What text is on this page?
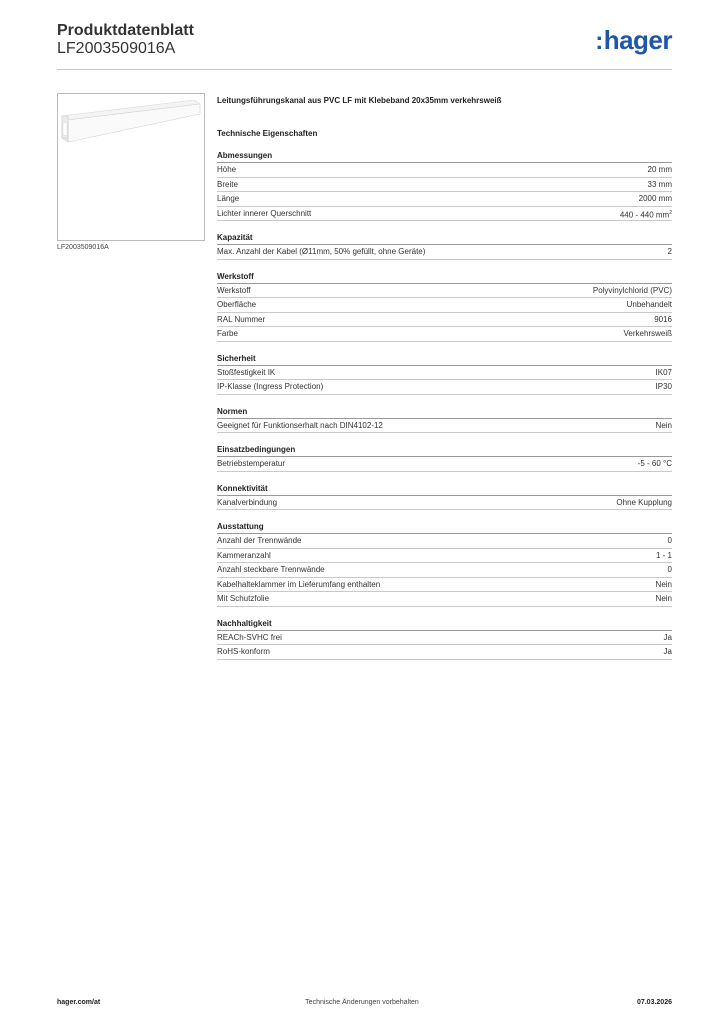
Produktdatenblatt
LF2003509016A	:hager
LF2003509016A
Leitungsführungskanal aus PVC LF mit Klebeband 20x35mm verkehrsweiß
Technische Eigenschaften
Abmessungen
Höhe	20 mm
Breite	33 mm
Länge	2000 mm
Lichter innerer Querschnitt	440 - 440 $mm^2$
Kapazität
Max. Anzahl der Kabel (Ø11mm, 50% gefüllt, ohne Geräte)	2
Werkstoff
Werkstoff	Polyvinylchlorid (PVC)
Oberfläche	Unbehandelt
RAL Nummer	9016
Farbe	Verkehrsweiß
Sicherheit
Stoßfestigkeit IK	IK07
IP-Klasse (Ingress Protection)	IP30
Normen
Geeignet für Funktionserhalt nach DIN4102-12	Nein
Einsatzbedingungen
Betriebstemperatur	-5 - 60 °C
Konnektivität
Kanalverbindung	Ohne Kupplung
Ausstattung
Anzahl der Trennwände	0
Kammeranzahl	1 - 1
Anzahl steckbare Trennwände	0
Kabelhalteklammer im Lieferumfang enthalten	Nein
Mit Schutzfolie	Nein
Nachhaltigkeit
REACh-SVHC frei	Ja
RoHS-konform	Ja
hager.com/at	Technische Änderungen vorbehalten	07.03.2026
